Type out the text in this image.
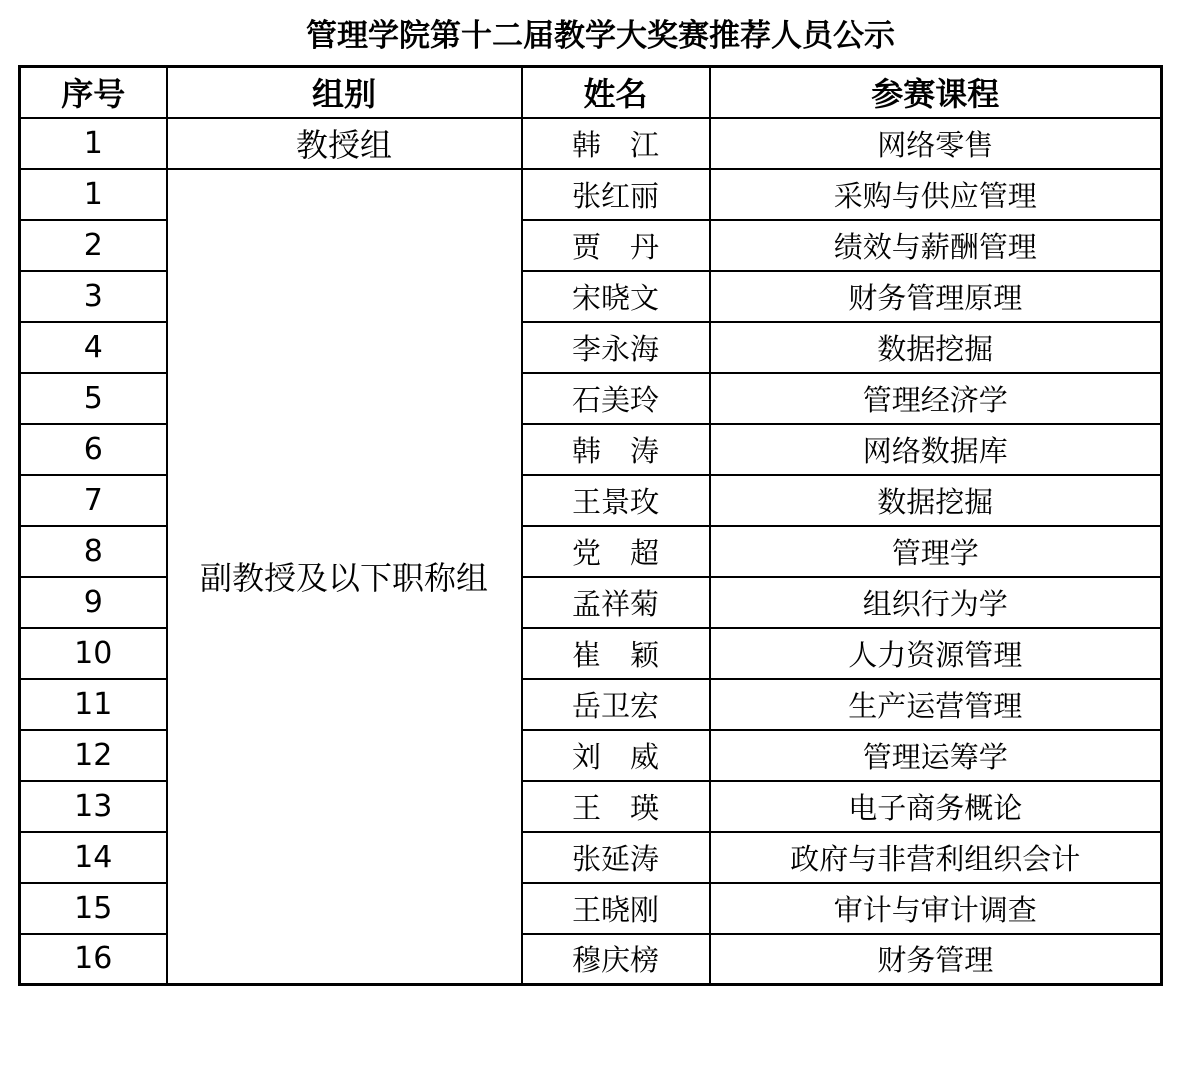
管理学院第十二届教学大奖赛推荐人员公示
序号	组别	姓名	参赛课程
1	教授组	韩　江	网络零售
1	副教授及以下职称组	张红丽	采购与供应管理
2		贾　丹	绩效与薪酬管理
3		宋晓文	财务管理原理
4		李永海	数据挖掘
5		石美玲	管理经济学
6		韩　涛	网络数据库
7		王景玫	数据挖掘
8		党　超	管理学
9		孟祥菊	组织行为学
10		崔　颖	人力资源管理
11		岳卫宏	生产运营管理
12		刘　威	管理运筹学
13		王　瑛	电子商务概论
14		张延涛	政府与非营利组织会计
15		王晓刚	审计与审计调查
16		穆庆榜	财务管理
